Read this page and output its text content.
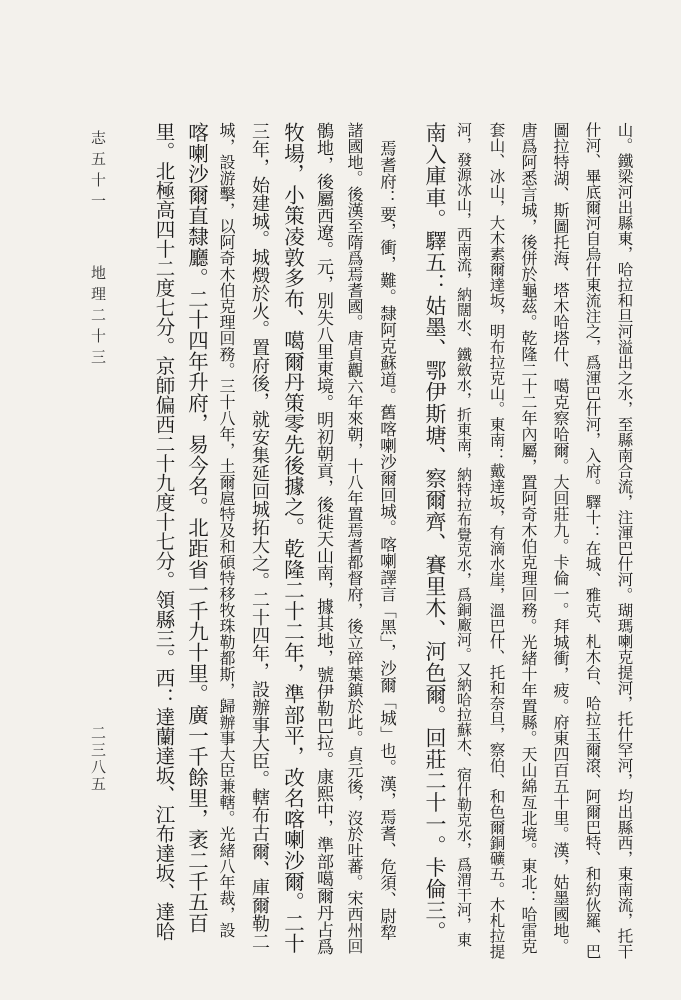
山。鐵梁河出縣東，哈拉和旦河溢出之水，至縣南合流，注渾巴什河。瑚瑪喇克提河，托什罕河，均出縣西，東南流，托干
什河、畢底爾河自烏什東流注之，爲渾巴什河，入府。驛十：在城、雅克、札木台、哈拉玉爾滾、阿爾巴特、和約伙羅、巴
圖拉特湖、斯圖托海、塔木哈塔什、噶克察哈爾。大回莊九。卡倫一。拜城衝，疲。府東四百五十里。漢，姑墨國地。
唐爲阿悉言城，後併於龜茲。乾隆二十二年內屬，置阿奇木伯克理回務。光緒十年置縣。天山綿亙北境。東北：哈雷克
套山、冰山，大木素爾達坂，明布拉克山。東南：戴達坂，有滴水崖，溫巴什、托和奈旦，察伯、和色爾銅礦五。木札拉提
河，發源冰山，西南流，納闊水、鐵斂水，折東南，納特拉布覺克水，爲銅廠河。又納哈拉蘇木、宿什勒克水，爲渭干河，東
南入庫車。驛五：姑墨、鄂伊斯塘、察爾齊、賽里木、河色爾。回莊二十一。卡倫三。
焉耆府：要，衝，難。隸阿克蘇道。舊喀喇沙爾回城。喀喇譯言「黑」，沙爾「城」也。漢，焉耆、危須、尉犂
諸國地。後漢至隋爲焉耆國。唐貞觀六年來朝，十八年置焉耆都督府，後立碎葉鎮於此。貞元後，沒於吐蕃。宋西州回
鶻地，後屬西遼。元，別失八里東境。明初朝貢，後徙天山南，據其地，號伊勒巴拉。康熙中，準部噶爾丹占爲
牧場，小策凌敦多布、噶爾丹策零先後據之。乾隆二十二年，準部平，改名喀喇沙爾。二十
三年，始建城。城燬於火。置府後，就安集延回城拓大之。二十四年，設辦事大臣。轄布古爾、庫爾勒二
城，設游擊，以阿奇木伯克理回務。三十八年，土爾扈特及和碩特移牧珠勒都斯，歸辦事大臣兼轄。光緒八年裁，設
喀喇沙爾直隸廳。二十四年升府，易今名。北距省一千九十里。廣一千餘里，袤二千五百
里。北極高四十二度七分。京師偏西二十九度十七分。領縣三。西：達蘭達坂、江布達坂、達哈
志五十一
地理二十三
二三八五
